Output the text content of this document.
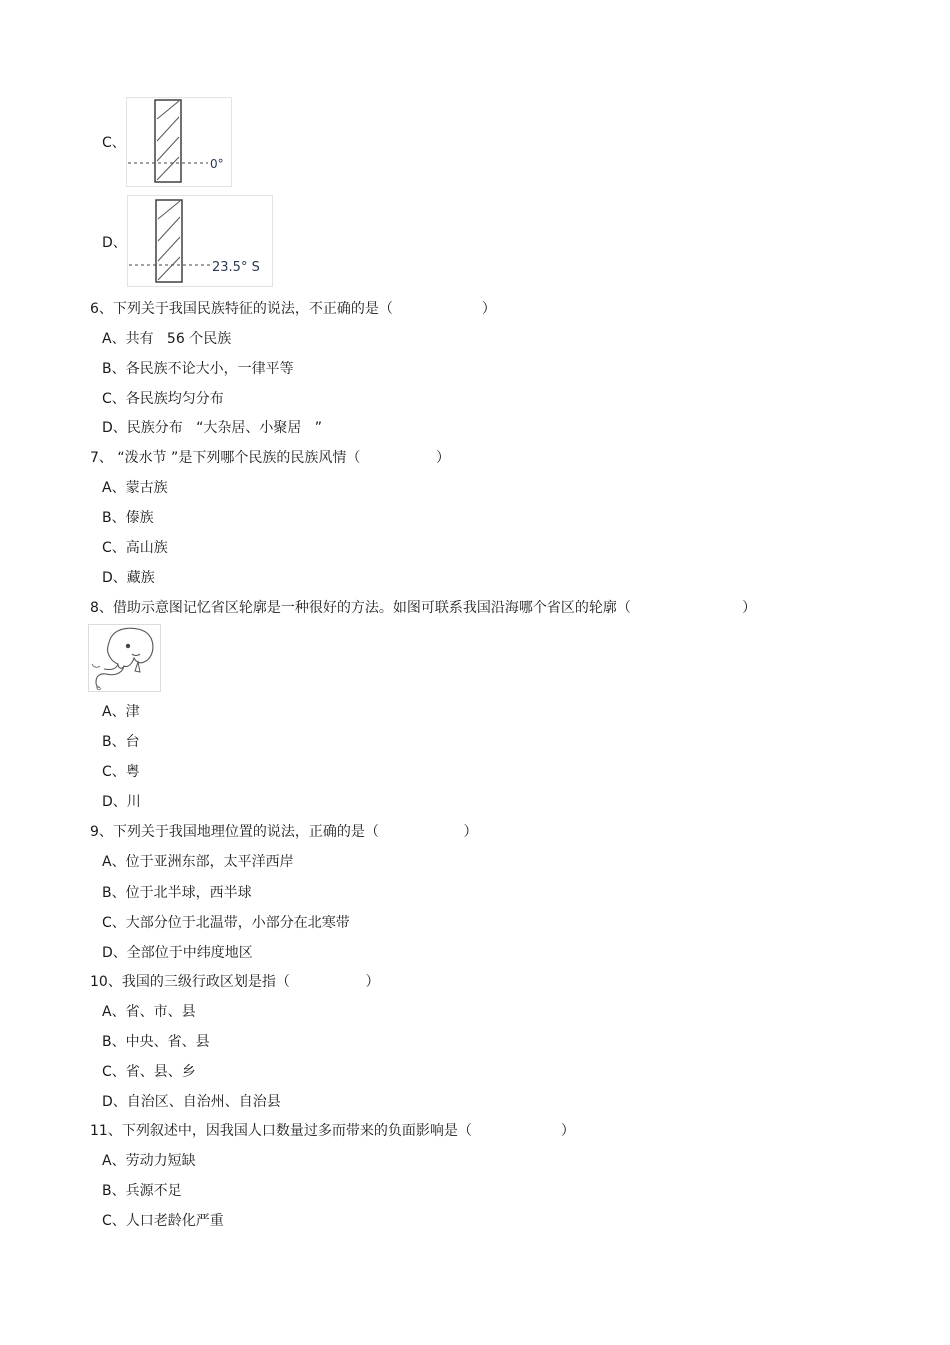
C、
0°
D、
23.5° S
6、下列关于我国民族特征的说法，不正确的是（                    ）
A、共有   56 个民族
B、各民族不论大小，一律平等
C、各民族均匀分布
D、民族分布   “大杂居、小聚居   ”
7、 “泼水节 ”是下列哪个民族的民族风情（                 ）
A、蒙古族
B、傣族
C、高山族
D、藏族
8、借助示意图记忆省区轮廓是一种很好的方法。如图可联系我国沿海哪个省区的轮廓（                         ）
A、津
B、台
C、粤
D、川
9、下列关于我国地理位置的说法，正确的是（                   ）
A、位于亚洲东部，太平洋西岸
B、位于北半球，西半球
C、大部分位于北温带，小部分在北寒带
D、全部位于中纬度地区
10、我国的三级行政区划是指（                 ）
A、省、市、县
B、中央、省、县
C、省、县、乡
D、自治区、自治州、自治县
11、下列叙述中，因我国人口数量过多而带来的负面影响是（                    ）
A、劳动力短缺
B、兵源不足
C、人口老龄化严重
